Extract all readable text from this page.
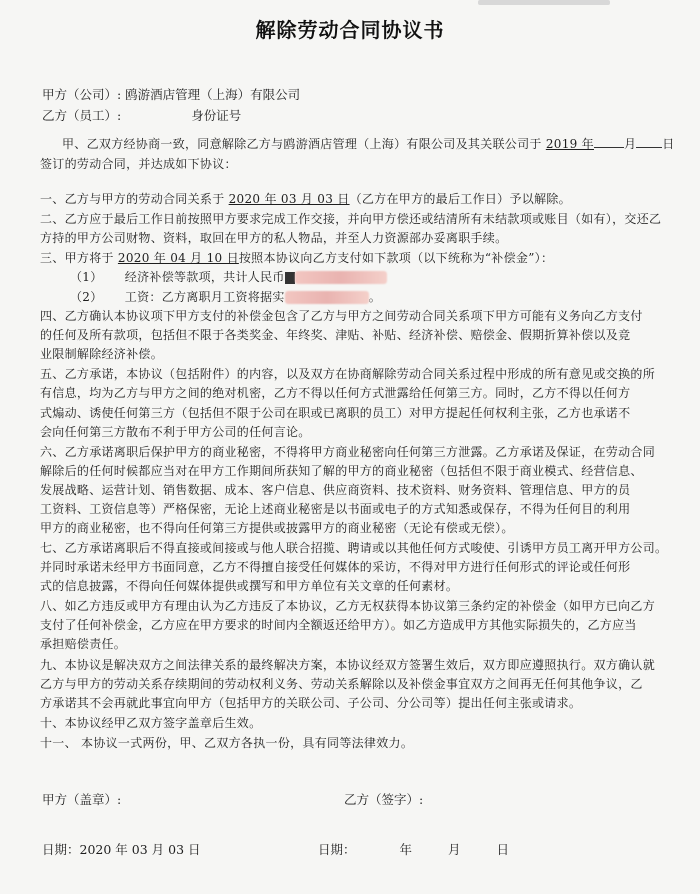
解除劳动合同协议书
甲方（公司）: 鸥游酒店管理（上海）有限公司
乙方（员工）:	身份证号
甲、乙双方经协商一致，同意解除乙方与鸥游酒店管理（上海）有限公司及其关联公司于 2019 年	月 日
签订的劳动合同，并达成如下协议：
一、乙方与甲方的劳动合同关系于 2020 年 03 月 03 日（乙方在甲方的最后工作日）予以解除。
二、乙方应于最后工作日前按照甲方要求完成工作交接，并向甲方偿还或结清所有未结款项或账目（如有），交还乙
方持的甲方公司财物、资料，取回在甲方的私人物品，并至人力资源部办妥离职手续。
三、甲方将于 2020 年 04 月 10 日按照本协议向乙方支付如下款项（以下统称为“补偿金”）：
（1） 经济补偿等款项，共计人民币
（2） 工资：乙方离职月工资将据实	。
四、乙方确认本协议项下甲方支付的补偿金包含了乙方与甲方之间劳动合同关系项下甲方可能有义务向乙方支付
的任何及所有款项，包括但不限于各类奖金、年终奖、津贴、补贴、经济补偿、赔偿金、假期折算补偿以及竞
业限制解除经济补偿。
五、乙方承诺，本协议（包括附件）的内容，以及双方在协商解除劳动合同关系过程中形成的所有意见或交换的所
有信息，均为乙方与甲方之间的绝对机密，乙方不得以任何方式泄露给任何第三方。同时，乙方不得以任何方
式煽动、诱使任何第三方（包括但不限于公司在职或已离职的员工）对甲方提起任何权利主张，乙方也承诺不
会向任何第三方散布不利于甲方公司的任何言论。
六、乙方承诺离职后保护甲方的商业秘密，不得将甲方商业秘密向任何第三方泄露。乙方承诺及保证，在劳动合同
解除后的任何时候都应当对在甲方工作期间所获知了解的甲方的商业秘密（包括但不限于商业模式、经营信息、
发展战略、运营计划、销售数据、成本、客户信息、供应商资料、技术资料、财务资料、管理信息、甲方的员
工资料、工资信息等）严格保密，无论上述商业秘密是以书面或电子的方式知悉或保存，不得为任何目的利用
甲方的商业秘密，也不得向任何第三方提供或披露甲方的商业秘密（无论有偿或无偿）。
七、乙方承诺离职后不得直接或间接或与他人联合招揽、聘请或以其他任何方式唆使、引诱甲方员工离开甲方公司。
并同时承诺未经甲方书面同意，乙方不得擅自接受任何媒体的采访，不得对甲方进行任何形式的评论或任何形
式的信息披露，不得向任何媒体提供或撰写和甲方单位有关文章的任何素材。
八、如乙方违反或甲方有理由认为乙方违反了本协议，乙方无权获得本协议第三条约定的补偿金（如甲方已向乙方
支付了任何补偿金，乙方应在甲方要求的时间内全额返还给甲方）。如乙方造成甲方其他实际损失的，乙方应当
承担赔偿责任。
九、本协议是解决双方之间法律关系的最终解决方案，本协议经双方签署生效后，双方即应遵照执行。双方确认就
乙方与甲方的劳动关系存续期间的劳动权利义务、劳动关系解除以及补偿金事宜双方之间再无任何其他争议，乙
方承诺其不会再就此事宜向甲方（包括甲方的关联公司、子公司、分公司等）提出任何主张或请求。
十、本协议经甲乙双方签字盖章后生效。
十一、 本协议一式两份，甲、乙双方各执一份，具有同等法律效力。
甲方（盖章）:	乙方（签字）:
日期：2020 年 03 月 03 日	日期：	年	月	日
